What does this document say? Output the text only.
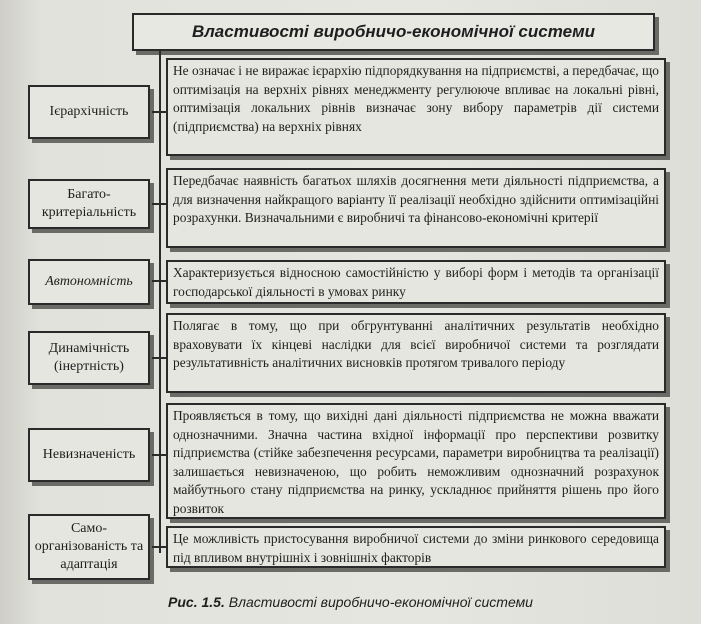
Властивості виробничо-економічної системи
Ієрархічність
Не означає і не виражає ієрархію підпорядкування на підприємстві, а передбачає, що оптимізація на верхніх рівнях менеджменту регулююче впливає на локальні рівні, оптимізація локальних рівнів визначає зону вибору параметрів дії системи (підприємства) на верхніх рівнях
Багато-критеріальність
Передбачає наявність багатьох шляхів досягнення мети діяльності підприємства, а для визначення найкращого варіанту її реалізації необхідно здійснити оптимізаційні розрахунки. Визначальними є виробничі та фінансово-економічні критерії
Автономність
Характеризується відносною самостійністю у виборі форм і методів та організації господарської діяльності в умовах ринку
Динамічність (інертність)
Полягає в тому, що при обгрунтуванні аналітичних результатів необхідно враховувати їх кінцеві наслідки для всієї виробничої системи та розглядати результативність аналітичних висновків протягом тривалого періоду
Невизначеність
Проявляється в тому, що вихідні дані діяльності підприємства не можна вважати однозначними. Значна частина вхідної інформації про перспективи розвитку підприємства (стійке забезпечення ресурсами, параметри виробництва та реалізації) залишається невизначеною, що робить неможливим однозначний розрахунок майбутнього стану підприємства на ринку, ускладнює прийняття рішень про його розвиток
Само-організованість та адаптація
Це можливість пристосування виробничої системи до зміни ринкового середовища під впливом внутрішніх і зовнішніх факторів
Рис. 1.5. Властивості виробничо-економічної системи
